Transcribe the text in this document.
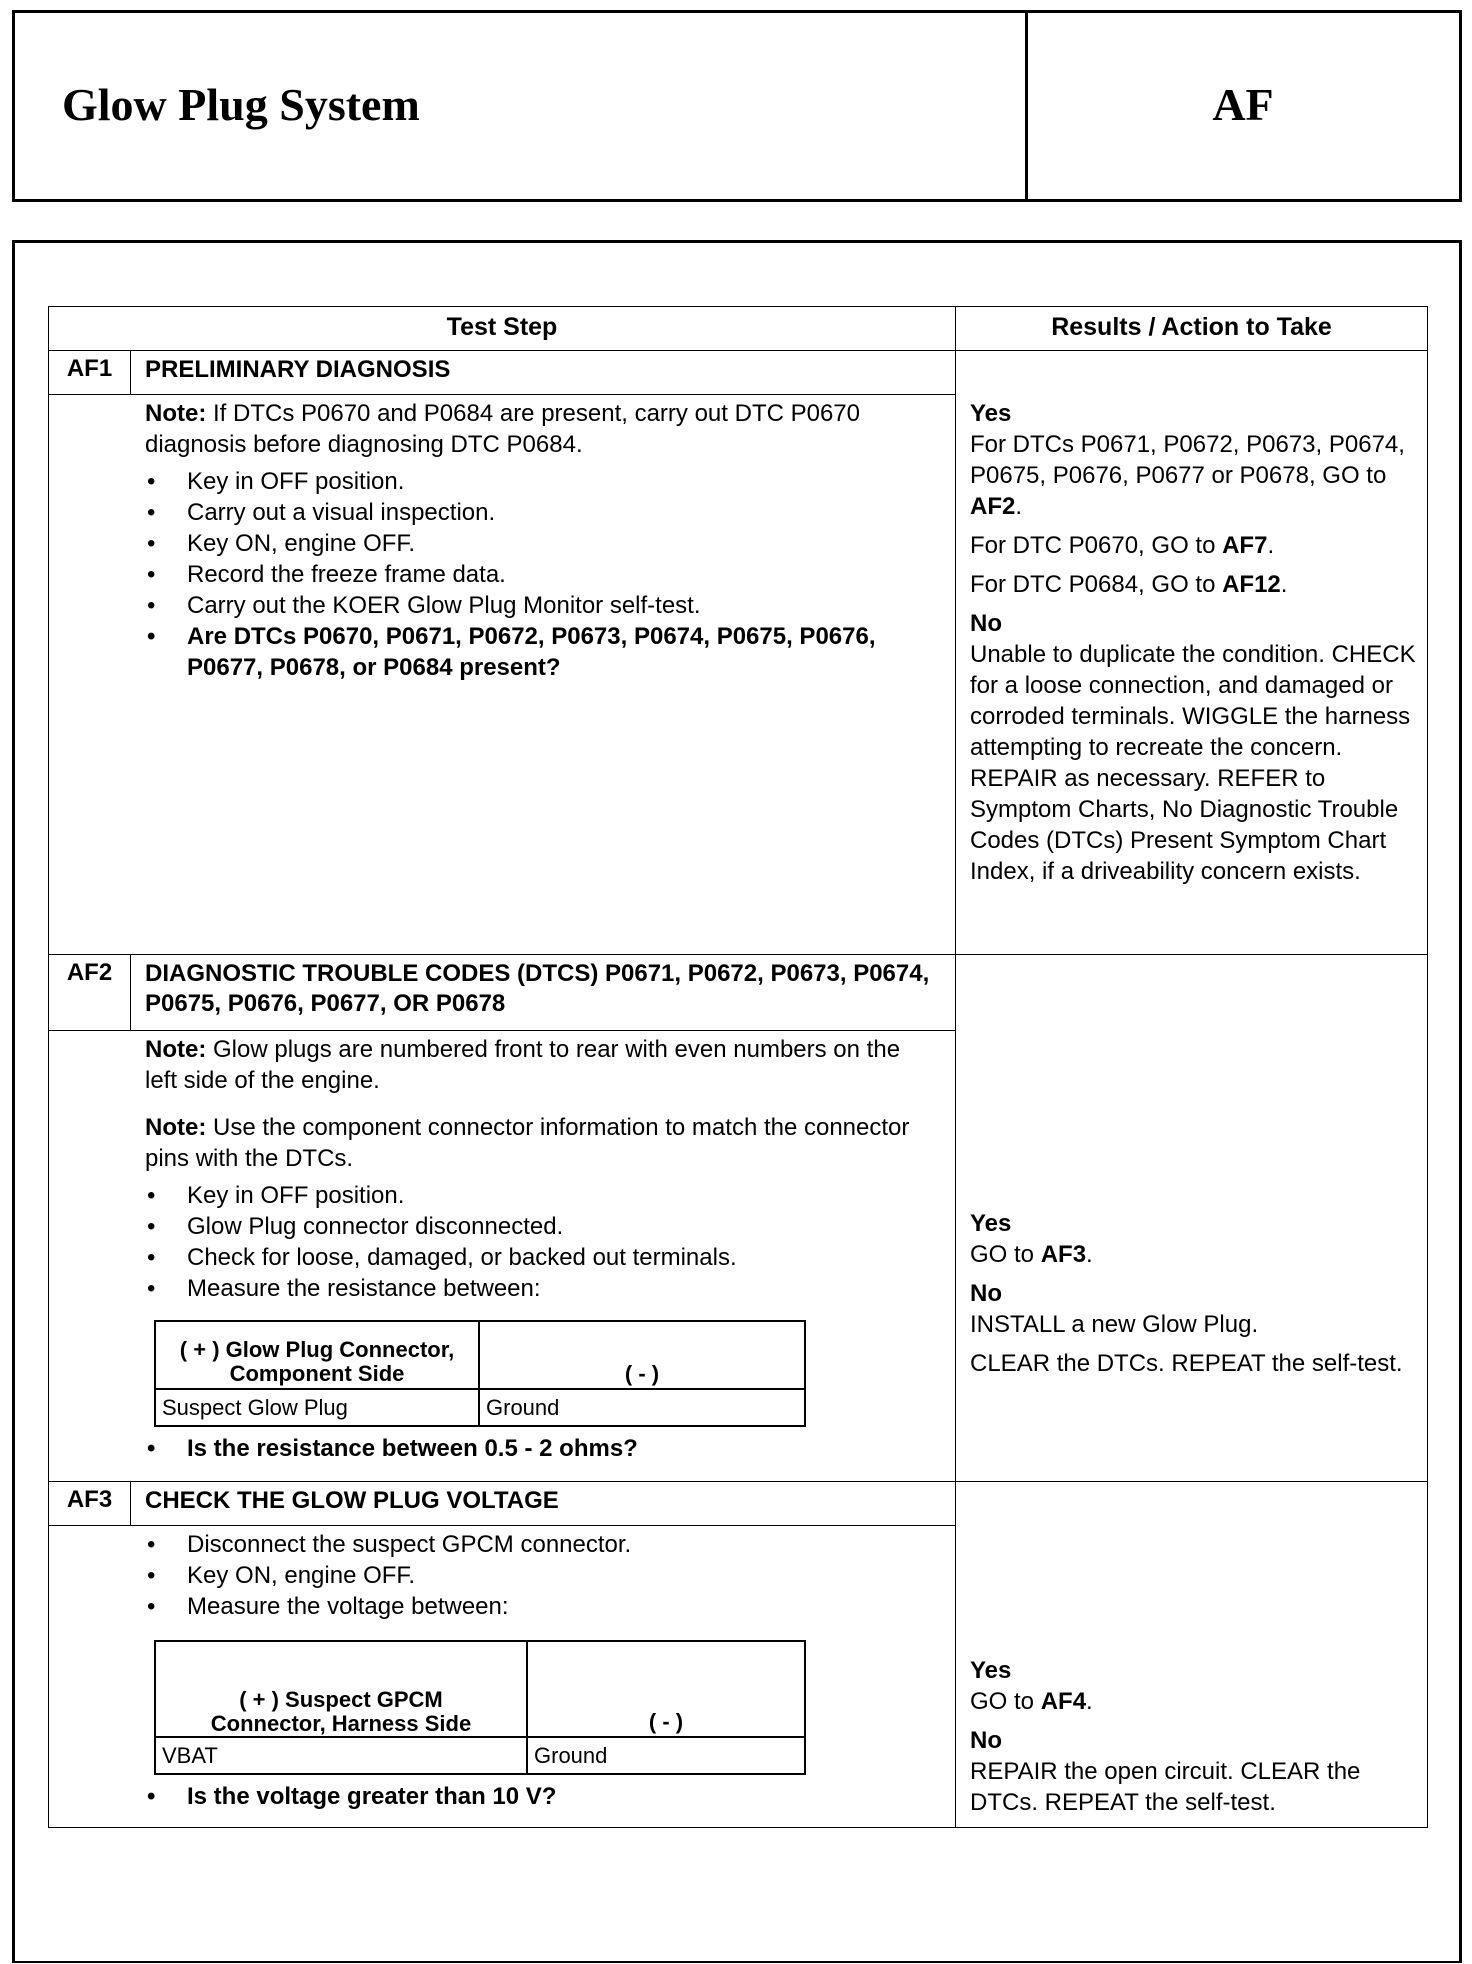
Glow Plug System	AF
Test Step	Results / Action to Take
AF1	PRELIMINARY DIAGNOSIS

Note: If DTCs P0670 and P0684 are present, carry out DTC P0670 diagnosis before diagnosing DTC P0684.

• Key in OFF position.
• Carry out a visual inspection.
• Key ON, engine OFF.
• Record the freeze frame data.
• Carry out the KOER Glow Plug Monitor self-test.
• Are DTCs P0670, P0671, P0672, P0673, P0674, P0675, P0676, P0677, P0678, or P0684 present?

Yes

For DTCs P0671, P0672, P0673, P0674, P0675, P0676, P0677 or P0678, GO to AF2.

For DTC P0670, GO to AF7.

For DTC P0684, GO to AF12.

No

Unable to duplicate the condition. CHECK for a loose connection, and damaged or corroded terminals. WIGGLE the harness attempting to recreate the concern. REPAIR as necessary. REFER to Symptom Charts, No Diagnostic Trouble Codes (DTCs) Present Symptom Chart Index, if a driveability concern exists.

AF2	DIAGNOSTIC TROUBLE CODES (DTCS) P0671, P0672, P0673, P0674, P0675, P0676, P0677, OR P0678

Note: Glow plugs are numbered front to rear with even numbers on the left side of the engine.

Note: Use the component connector information to match the connector pins with the DTCs.

• Key in OFF position.
• Glow Plug connector disconnected.
• Check for loose, damaged, or backed out terminals.
• Measure the resistance between:
( + ) Glow Plug Connector, Component Side	( - )
Suspect Glow Plug	Ground
• Is the resistance between 0.5 - 2 ohms?

Yes

GO to AF3.

No

INSTALL a new Glow Plug.

CLEAR the DTCs. REPEAT the self-test.

AF3	CHECK THE GLOW PLUG VOLTAGE
• Disconnect the suspect GPCM connector.
• Key ON, engine OFF.
• Measure the voltage between:
( + ) Suspect GPCM Connector, Harness Side	( - )
VBAT	Ground
• Is the voltage greater than 10 V?

Yes

GO to AF4.

No

REPAIR the open circuit. CLEAR the DTCs. REPEAT the self-test.
